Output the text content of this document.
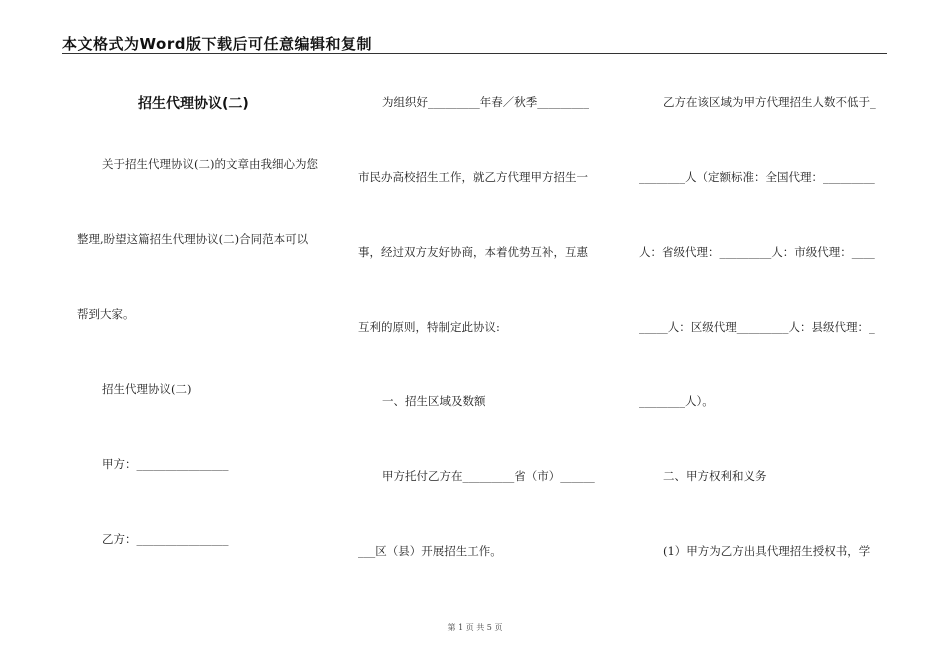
本文格式为Word版下载后可任意编辑和复制
招生代理协议(二)
关于招生代理协议(二)的文章由我细心为您
整理,盼望这篇招生代理协议(二)合同范本可以
帮到大家。
招生代理协议(二)
甲方：________________
乙方：________________
为组织好_________年春／秋季_________
市民办高校招生工作，就乙方代理甲方招生一
事，经过双方友好协商，本着优势互补，互惠
互利的原则，特制定此协议:
一、招生区域及数额
甲方托付乙方在_________省（市）______
___区（县）开展招生工作。
乙方在该区域为甲方代理招生人数不低于_
________人（定额标准：全国代理：_________
人：省级代理：_________人：市级代理：____
_____人：区级代理_________人：县级代理：_
________人）。
二、甲方权利和义务
(1）甲方为乙方出具代理招生授权书，学
第 1 页 共 5 页
